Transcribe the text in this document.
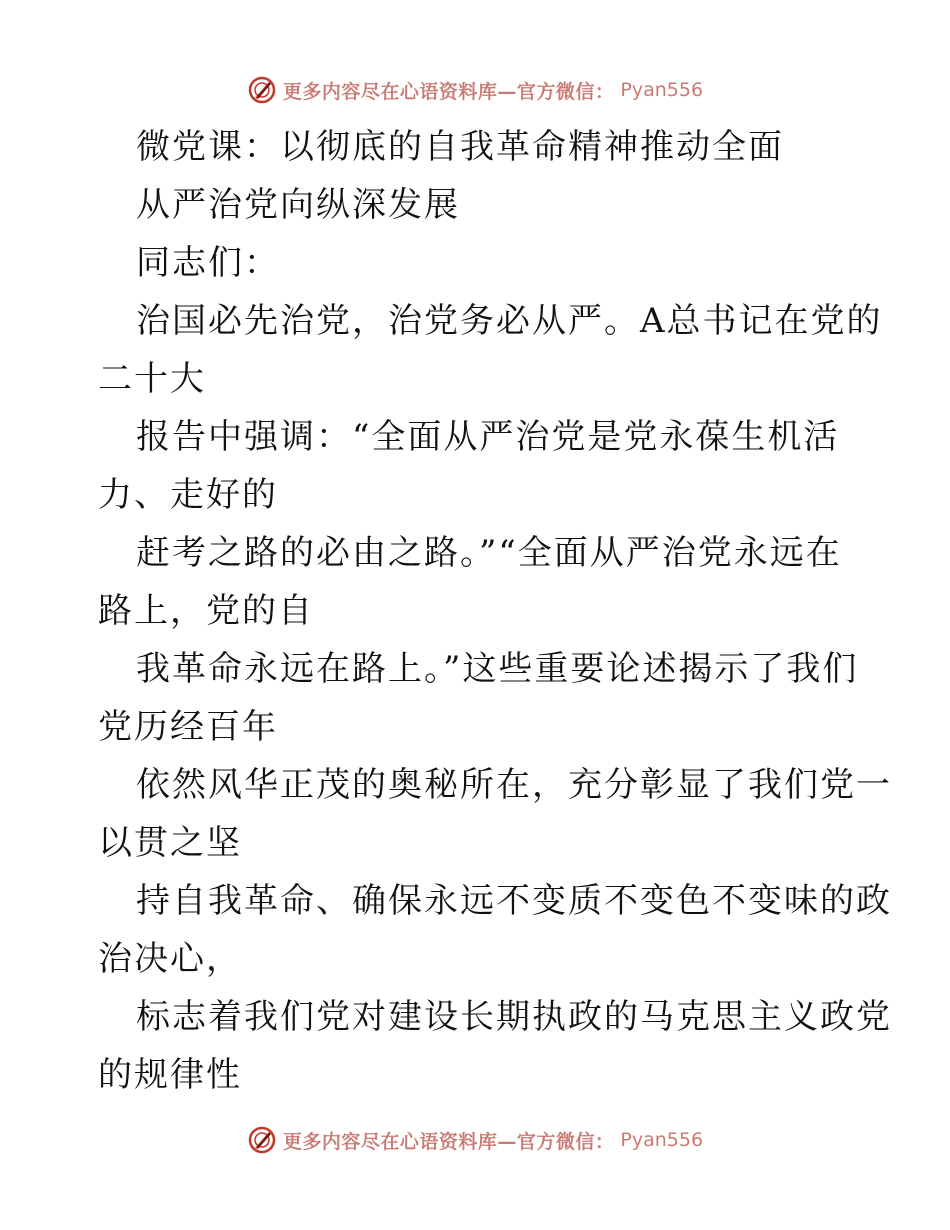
更多内容尽在心语资料库—官方微信： Pyan556
微党课：以彻底的自我革命精神推动全面
从严治党向纵深发展
同志们：
治国必先治党，治党务必从严。A总书记在党的
二十大
报告中强调：“全面从严治党是党永葆生机活
力、走好的
赶考之路的必由之路。”“全面从严治党永远在
路上，党的自
我革命永远在路上。”这些重要论述揭示了我们
党历经百年
依然风华正茂的奥秘所在，充分彰显了我们党一
以贯之坚
持自我革命、确保永远不变质不变色不变味的政
治决心，
标志着我们党对建设长期执政的马克思主义政党
的规律性
更多内容尽在心语资料库—官方微信： Pyan556
